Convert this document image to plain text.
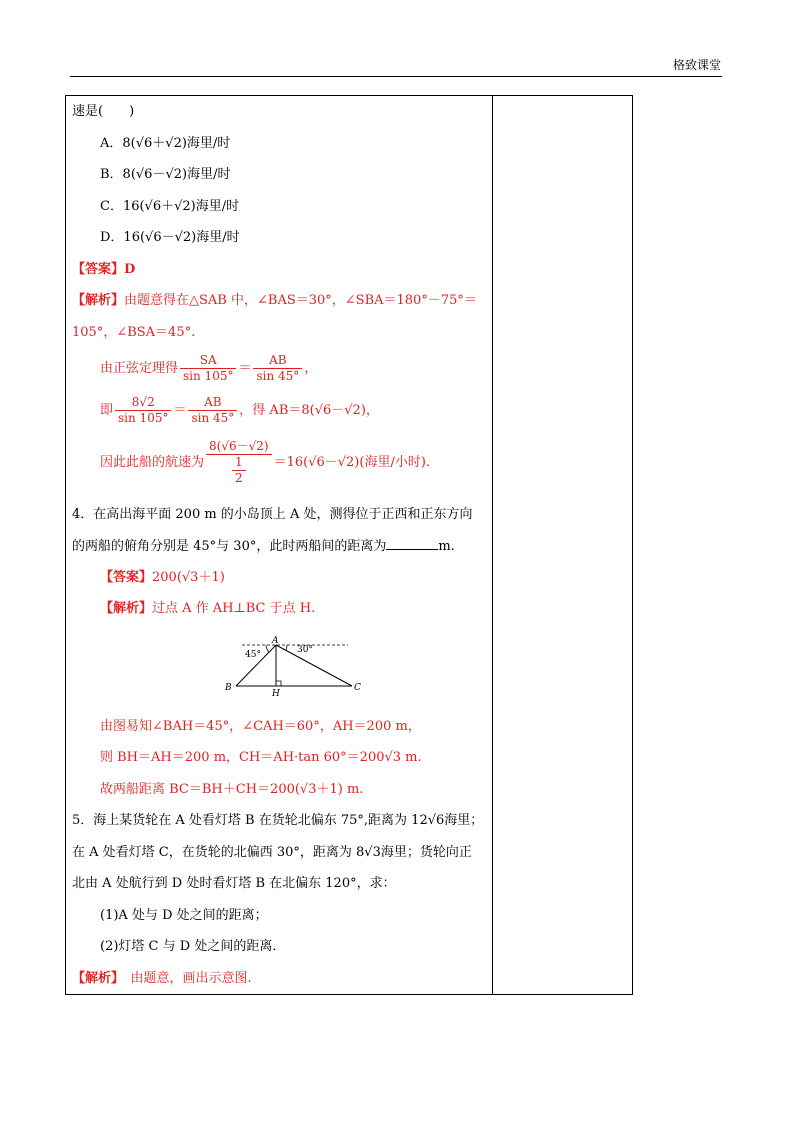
格致课堂
速是(　　)
A．8(√6＋√2)海里/时
B．8(√6－√2)海里/时
C．16(√6＋√2)海里/时
D．16(√6－√2)海里/时
【答案】D
【解析】由题意得在△SAB 中，∠BAS＝30°，∠SBA＝180°－75°＝
105°，∠BSA＝45°.
由正弦定理得 $\frac{SA}{\sin 105^\circ} = \frac{AB}{\sin 45^\circ}$ ，
即 $\frac{8√2}{\sin 105^\circ} = \frac{AB}{\sin 45^\circ}$ ，得 AB＝8(√6－√2)，
因此此船的航速为 $\frac{8(√6-√2)}{\frac{1}{2}} =16(√6-√2)$(海里/小时).
4．在高出海平面 200 m 的小岛顶上 A 处，测得位于正西和正东方向
的两船的俯角分别是 45°与 30°，此时两船间的距离为	m.
【答案】200(√3＋1)
【解析】过点 A 作 AH⊥BC 于点 H.
A
45°	30°
B	C
H
由图易知∠BAH＝45°，∠CAH＝60°，AH＝200 m，
则 BH＝AH＝200 m，CH＝AH·tan 60°＝200√3 m.
故两船距离 BC＝BH＋CH＝200(√3＋1) m.
5．海上某货轮在 A 处看灯塔 B 在货轮北偏东 75°,距离为 12√6海里；
在 A 处看灯塔 C，在货轮的北偏西 30°，距离为 8√3海里；货轮向正
北由 A 处航行到 D 处时看灯塔 B 在北偏东 120°，求：
(1)A 处与 D 处之间的距离；
(2)灯塔 C 与 D 处之间的距离．
【解析】　由题意，画出示意图.
